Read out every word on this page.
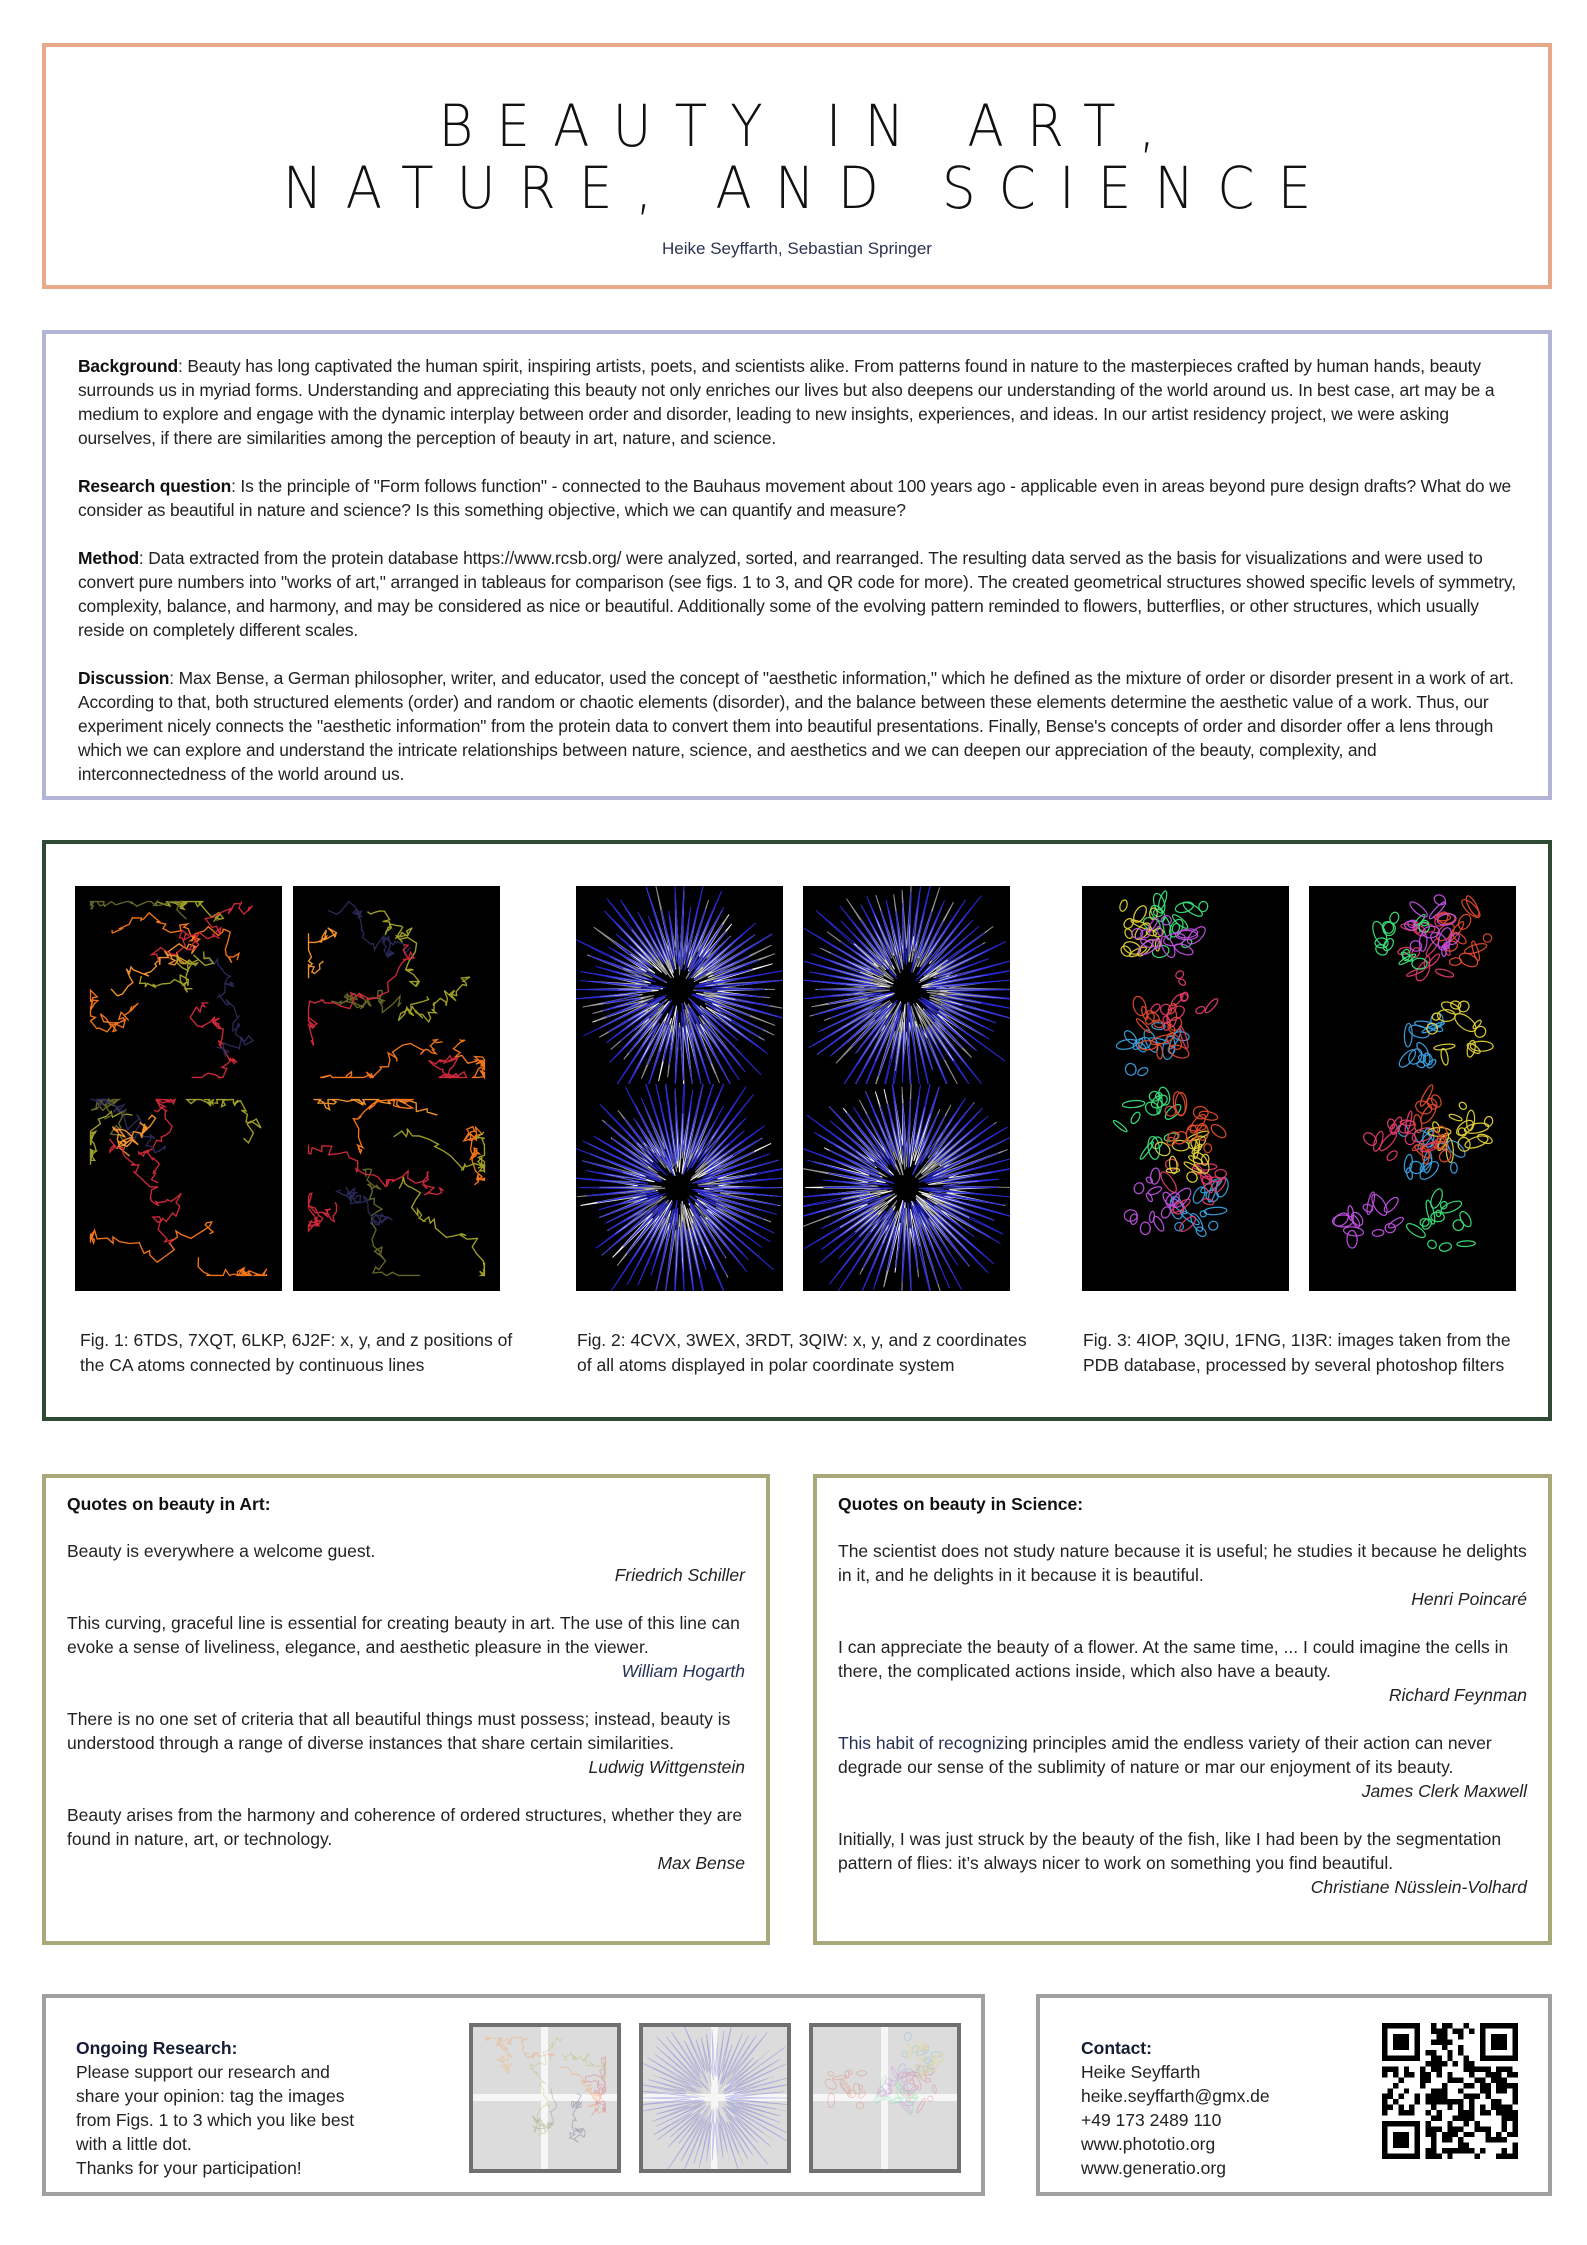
BEAUTY IN ART,
NATURE, AND SCIENCE
Heike Seyffarth, Sebastian Springer

Background: Beauty has long captivated the human spirit, inspiring artists, poets, and scientists alike. From patterns found in nature to the masterpieces crafted by human hands, beauty surrounds us in myriad forms. Understanding and appreciating this beauty not only enriches our lives but also deepens our understanding of the world around us. In best case, art may be a medium to explore and engage with the dynamic interplay between order and disorder, leading to new insights, experiences, and ideas. In our artist residency project, we were asking ourselves, if there are similarities among the perception of beauty in art, nature, and science.

Research question: Is the principle of "Form follows function" - connected to the Bauhaus movement about 100 years ago - applicable even in areas beyond pure design drafts? What do we consider as beautiful in nature and science? Is this something objective, which we can quantify and measure?

Method: Data extracted from the protein database https://www.rcsb.org/ were analyzed, sorted, and rearranged. The resulting data served as the basis for visualizations and were used to convert pure numbers into "works of art," arranged in tableaus for comparison (see figs. 1 to 3, and QR code for more). The created geometrical structures showed specific levels of symmetry, complexity, balance, and harmony, and may be considered as nice or beautiful. Additionally some of the evolving pattern reminded to flowers, butterflies, or other structures, which usually reside on completely different scales.

Discussion: Max Bense, a German philosopher, writer, and educator, used the concept of "aesthetic information," which he defined as the mixture of order or disorder present in a work of art. According to that, both structured elements (order) and random or chaotic elements (disorder), and the balance between these elements determine the aesthetic value of a work. Thus, our experiment nicely connects the "aesthetic information" from the protein data to convert them into beautiful presentations. Finally, Bense's concepts of order and disorder offer a lens through which we can explore and understand the intricate relationships between nature, science, and aesthetics and we can deepen our appreciation of the beauty, complexity, and interconnectedness of the world around us.

Fig. 1: 6TDS, 7XQT, 6LKP, 6J2F: x, y, and z positions of the CA atoms connected by continuous lines
Fig. 2: 4CVX, 3WEX, 3RDT, 3QIW: x, y, and z coordinates of all atoms displayed in polar coordinate system
Fig. 3: 4IOP, 3QIU, 1FNG, 1I3R: images taken from the PDB database, processed by several photoshop filters
Quotes on beauty in Art:
Beauty is everywhere a welcome guest.
Friedrich Schiller
This curving, graceful line is essential for creating beauty in art. The use of this line can evoke a sense of liveliness, elegance, and aesthetic pleasure in the viewer.
William Hogarth
There is no one set of criteria that all beautiful things must possess; instead, beauty is understood through a range of diverse instances that share certain similarities.
Ludwig Wittgenstein
Beauty arises from the harmony and coherence of ordered structures, whether they are found in nature, art, or technology.
Max Bense
Quotes on beauty in Science:
The scientist does not study nature because it is useful; he studies it because he delights in it, and he delights in it because it is beautiful.
Henri Poincaré
I can appreciate the beauty of a flower. At the same time, ... I could imagine the cells in there, the complicated actions inside, which also have a beauty.
Richard Feynman
This habit of recognizing principles amid the endless variety of their action can never degrade our sense of the sublimity of nature or mar our enjoyment of its beauty.
James Clerk Maxwell
Initially, I was just struck by the beauty of the fish, like I had been by the segmentation pattern of flies: it’s always nicer to work on something you find beautiful.
Christiane Nüsslein-Volhard
Ongoing Research:
Please support our research and
share your opinion: tag the images
from Figs. 1 to 3 which you like best
with a little dot.
Thanks for your participation!
Contact:
Heike Seyffarth
heike.seyffarth@gmx.de
+49 173 2489 110
www.phototio.org
www.generatio.org
